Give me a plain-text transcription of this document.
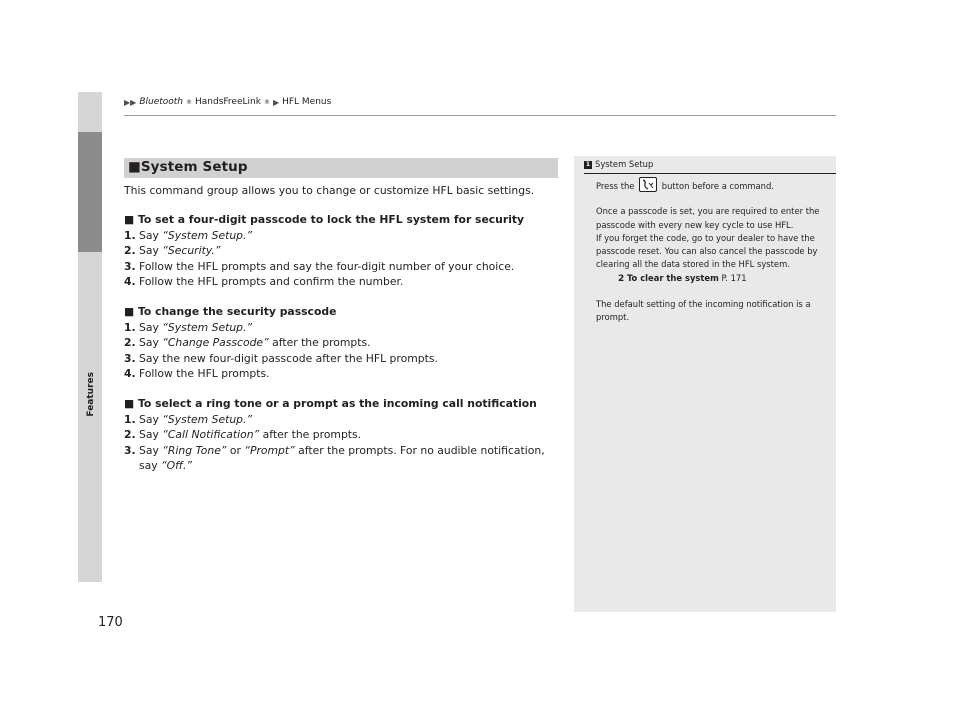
Features
▶▶ Bluetooth ® HandsFreeLink ® ▶ HFL Menus
■ System Setup
This command group allows you to change or customize HFL basic settings.
■ To set a four-digit passcode to lock the HFL system for security
1. Say “System Setup.”
2. Say “Security.”
3. Follow the HFL prompts and say the four-digit number of your choice.
4. Follow the HFL prompts and confirm the number.
■ To change the security passcode
1. Say “System Setup.”
2. Say “Change Passcode” after the prompts.
3. Say the new four-digit passcode after the HFL prompts.
4. Follow the HFL prompts.
■ To select a ring tone or a prompt as the incoming call notification
1. Say “System Setup.”
2. Say “Call Notification” after the prompts.
3. Say “Ring Tone” or “Prompt” after the prompts. For no audible notification, say “Off.”
1 System Setup

Press the	button before a command.

Once a passcode is set, you are required to enter the passcode with every new key cycle to use HFL.
If you forget the code, go to your dealer to have the passcode reset. You can also cancel the passcode by clearing all the data stored in the HFL system.

2 To clear the system P. 171

The default setting of the incoming notification is a prompt.

170
